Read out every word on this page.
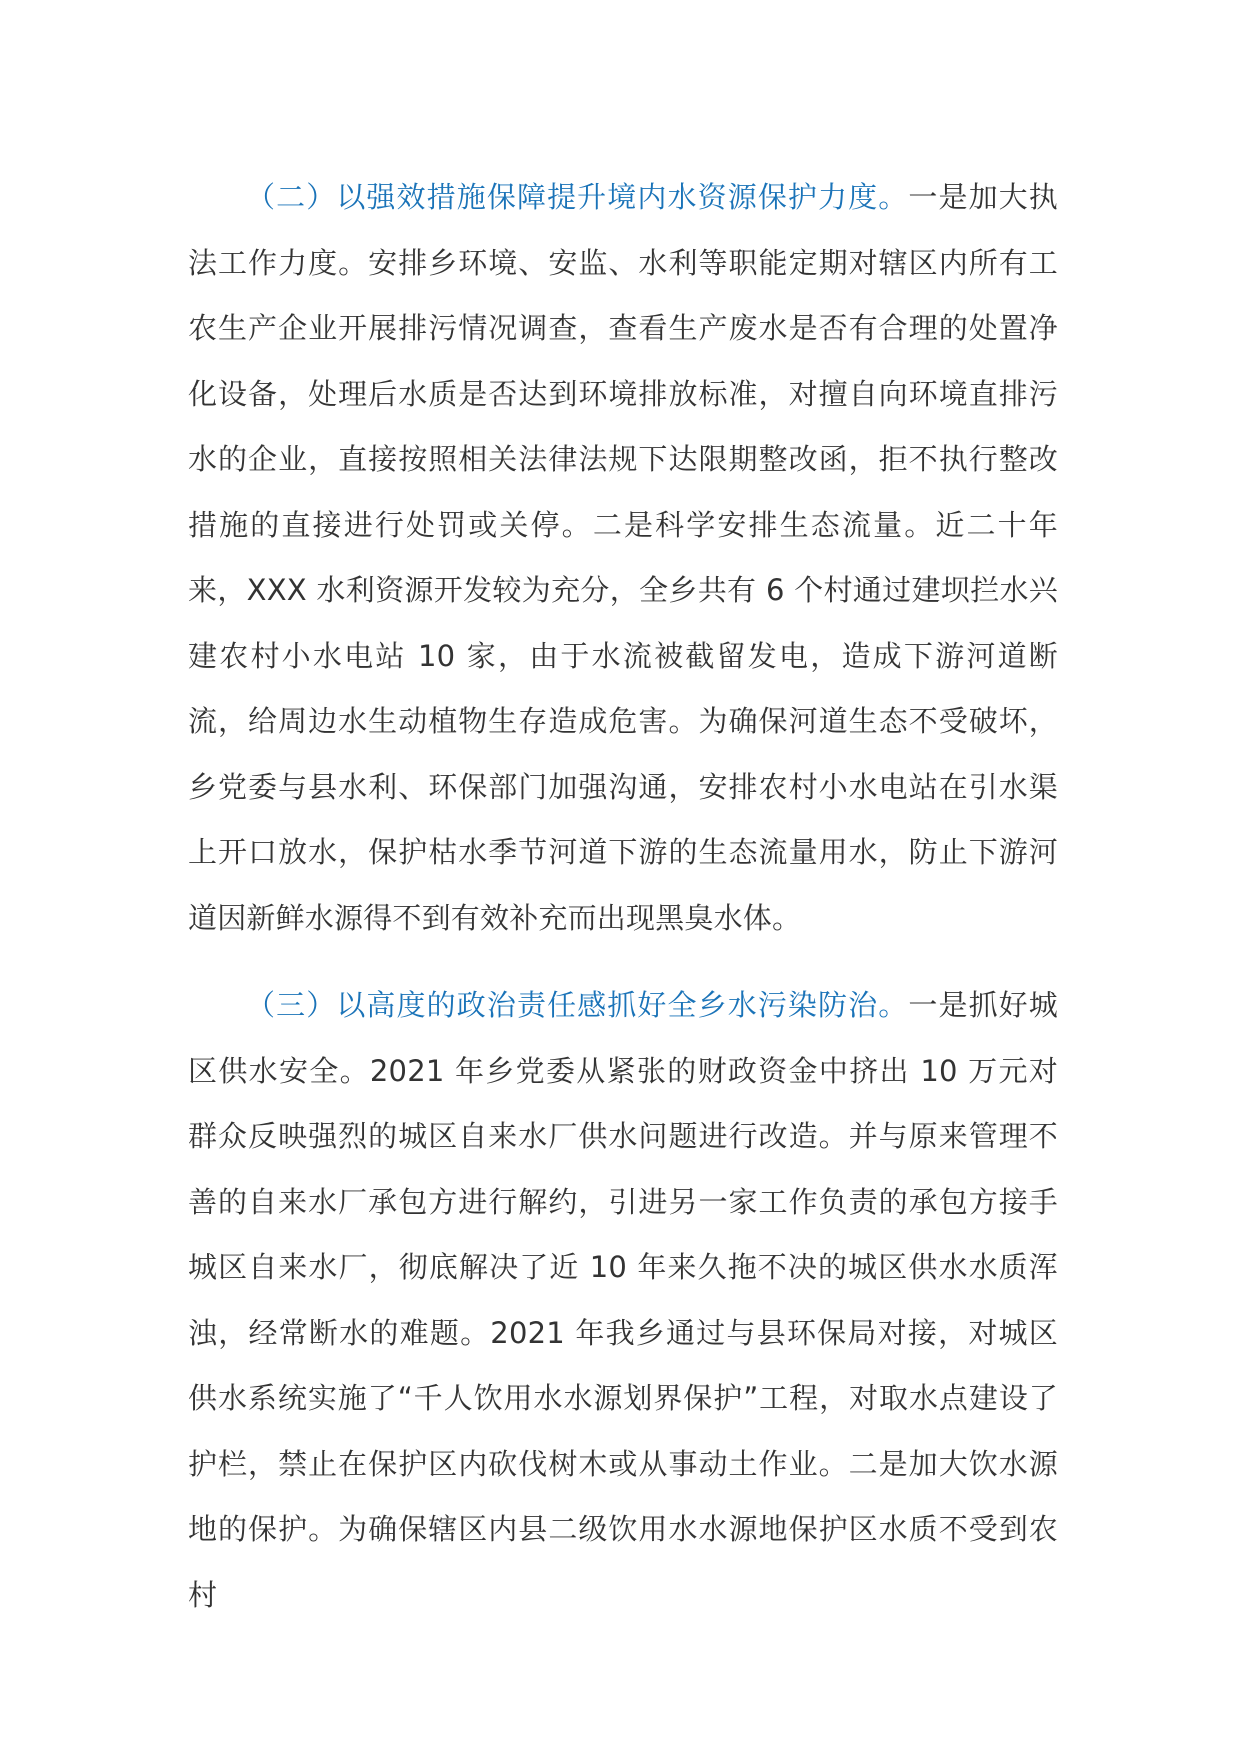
（二）以强效措施保障提升境内水资源保护力度。一是加大执法工作力度。安排乡环境、安监、水利等职能定期对辖区内所有工农生产企业开展排污情况调查，查看生产废水是否有合理的处置净化设备，处理后水质是否达到环境排放标准，对擅自向环境直排污水的企业，直接按照相关法律法规下达限期整改函，拒不执行整改措施的直接进行处罚或关停。二是科学安排生态流量。近二十年来，XXX 水利资源开发较为充分，全乡共有 6 个村通过建坝拦水兴建农村小水电站 10 家，由于水流被截留发电，造成下游河道断流，给周边水生动植物生存造成危害。为确保河道生态不受破坏，乡党委与县水利、环保部门加强沟通，安排农村小水电站在引水渠上开口放水，保护枯水季节河道下游的生态流量用水，防止下游河道因新鲜水源得不到有效补充而出现黑臭水体。

（三）以高度的政治责任感抓好全乡水污染防治。一是抓好城区供水安全。2021 年乡党委从紧张的财政资金中挤出 10 万元对群众反映强烈的城区自来水厂供水问题进行改造。并与原来管理不善的自来水厂承包方进行解约，引进另一家工作负责的承包方接手城区自来水厂，彻底解决了近 10 年来久拖不决的城区供水水质浑浊，经常断水的难题。2021 年我乡通过与县环保局对接，对城区供水系统实施了“千人饮用水水源划界保护”工程，对取水点建设了护栏，禁止在保护区内砍伐树木或从事动土作业。二是加大饮水源地的保护。为确保辖区内县二级饮用水水源地保护区水质不受到农村
